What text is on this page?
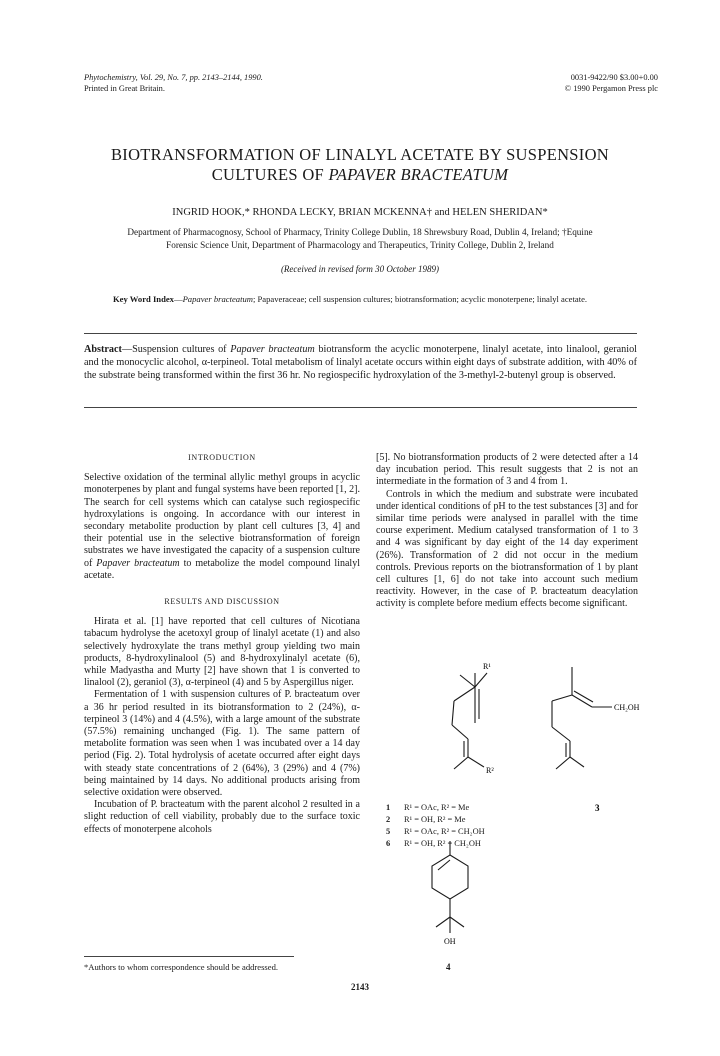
Phytochemistry, Vol. 29, No. 7, pp. 2143–2144, 1990.
Printed in Great Britain.
0031-9422/90 $3.00+0.00
© 1990 Pergamon Press plc
BIOTRANSFORMATION OF LINALYL ACETATE BY SUSPENSION
CULTURES OF PAPAVER BRACTEATUM
INGRID HOOK,* RHONDA LECKY, BRIAN MCKENNA† and HELEN SHERIDAN*
Department of Pharmacognosy, School of Pharmacy, Trinity College Dublin, 18 Shrewsbury Road, Dublin 4, Ireland; †Equine
Forensic Science Unit, Department of Pharmacology and Therapeutics, Trinity College, Dublin 2, Ireland
(Received in revised form 30 October 1989)
Key Word Index—Papaver bracteatum; Papaveraceae; cell suspension cultures; biotransformation; acyclic monoterpene; linalyl acetate.
Abstract—Suspension cultures of Papaver bracteatum biotransform the acyclic monoterpene, linalyl acetate, into linalool, geraniol and the monocyclic alcohol, α-terpineol. Total metabolism of linalyl acetate occurs within eight days of substrate addition, with 40% of the substrate being transformed within the first 36 hr. No regiospecific hydroxylation of the 3-methyl-2-butenyl group is observed.
INTRODUCTION

Selective oxidation of the terminal allylic methyl groups in acyclic monoterpenes by plant and fungal systems have been reported [1, 2]. The search for cell systems which can catalyse such regiospecific hydroxylations is ongoing. In accordance with our interest in secondary metabolite production by plant cell cultures [3, 4] and their potential use in the selective biotransformation of foreign substrates we have investigated the capacity of a suspension culture of Papaver bracteatum to metabolize the model compound linalyl acetate.

RESULTS AND DISCUSSION

Hirata et al. [1] have reported that cell cultures of Nicotiana tabacum hydrolyse the acetoxyl group of linalyl acetate (1) and also selectively hydroxylate the trans methyl group yielding two main products, 8-hydroxylinalool (5) and 8-hydroxylinalyl acetate (6), while Madyastha and Murty [2] have shown that 1 is converted to linalool (2), geraniol (3), α-terpineol (4) and 5 by Aspergillus niger.

Fermentation of 1 with suspension cultures of P. bracteatum over a 36 hr period resulted in its biotransformation to 2 (24%), α-terpineol 3 (14%) and 4 (4.5%), with a large amount of the substrate (57.5%) remaining unchanged (Fig. 1). The same pattern of metabolite formation was seen when 1 was incubated over a 14 day period (Fig. 2). Total hydrolysis of acetate occurred after eight days with steady state concentrations of 2 (64%), 3 (29%) and 4 (7%) being maintained by 14 days. No additional products arising from selective oxidation were observed.

Incubation of P. bracteatum with the parent alcohol 2 resulted in a slight reduction of cell viability, probably due to the surface toxic effects of monoterpene alcohols

[5]. No biotransformation products of 2 were detected after a 14 day incubation period. This result suggests that 2 is not an intermediate in the formation of 3 and 4 from 1.

Controls in which the medium and substrate were incubated under identical conditions of pH to the test substances [3] and for similar time periods were analysed in parallel with the time course experiment. Medium catalysed transformation of 1 to 3 and 4 was significant by day eight of the 14 day experiment (26%). Transformation of 2 did not occur in the medium controls. Previous reports on the biotransformation of 1 by plant cell cultures [1, 6] do not take into account such medium reactivity. However, in the case of P. bracteatum deacylation activity is complete before medium effects become significant.

R¹
R²
CH₂OH
3
OH
1	R¹ = OAc, R² = Me
2	R¹ = OH, R² = Me
5	R¹ = OAc, R² = CH₂OH
6	R¹ = OH, R² = CH₂OH
4
*Authors to whom correspondence should be addressed.
2143
